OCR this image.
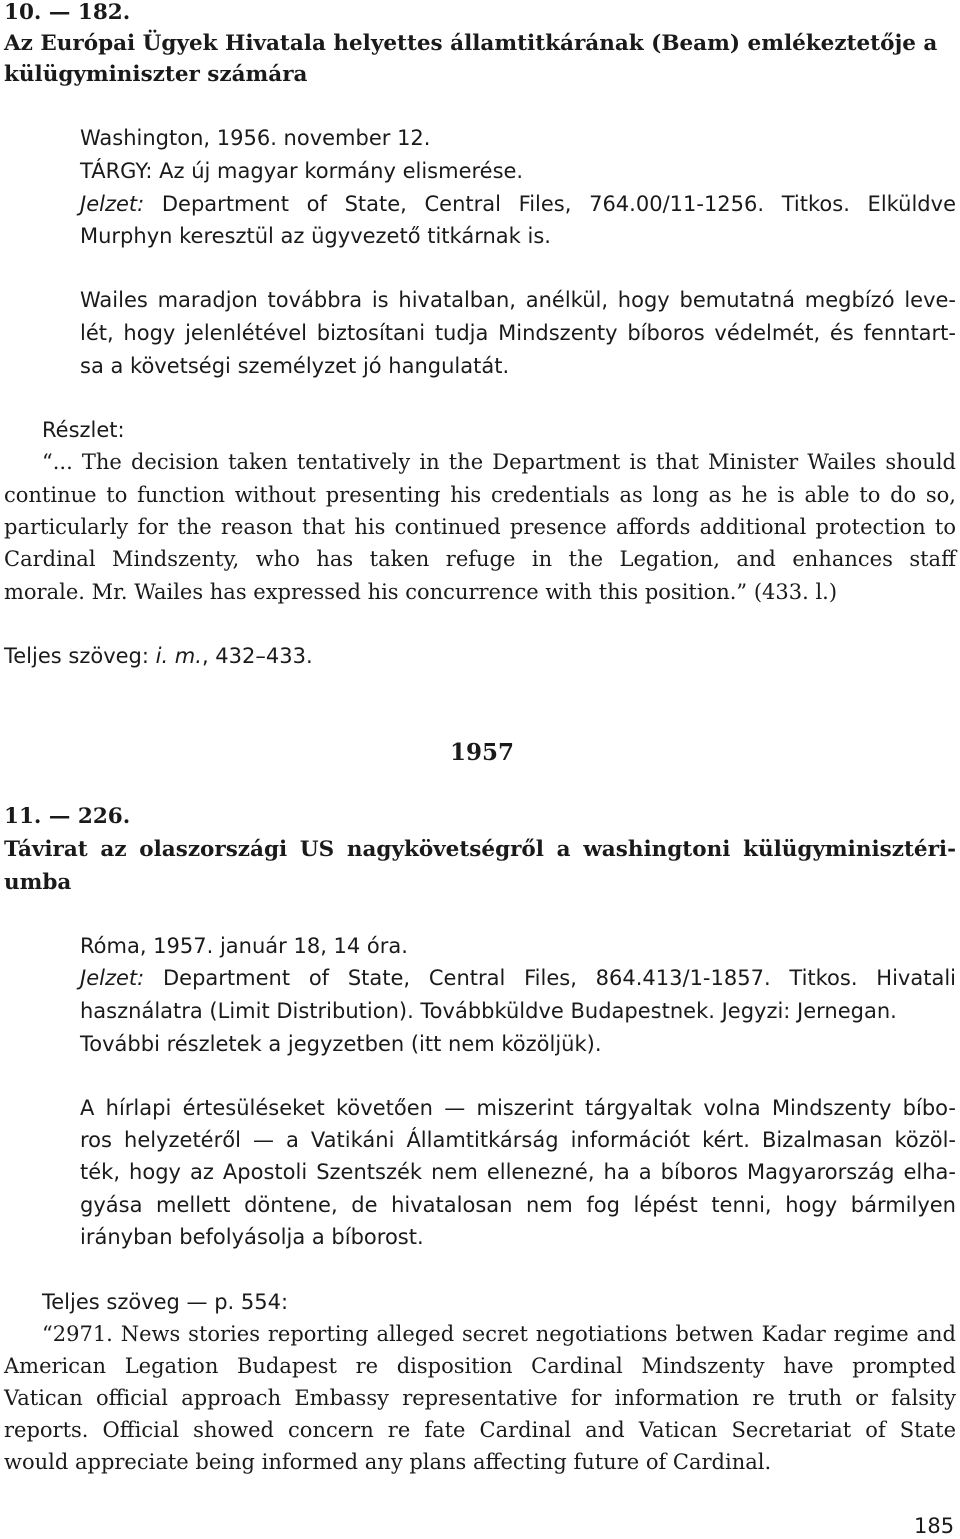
10. — 182.
Az Európai Ügyek Hivatala helyettes államtitkárának (Beam) emlékeztetője a
külügyminiszter számára
Washington, 1956. november 12.
TÁRGY: Az új magyar kormány elismerése.
Jelzet: Department of State, Central Files, 764.00/11-1256. Titkos. Elküldve
Murphyn keresztül az ügyvezető titkárnak is.
Wailes maradjon továbbra is hivatalban, anélkül, hogy bemutatná megbízó leve-
lét, hogy jelenlétével biztosítani tudja Mindszenty bíboros védelmét, és fenntart-
sa a követségi személyzet jó hangulatát.
Részlet:
“... The decision taken tentatively in the Department is that Minister Wailes should
continue to function without presenting his credentials as long as he is able to do so,
particularly for the reason that his continued presence affords additional protection to
Cardinal Mindszenty, who has taken refuge in the Legation, and enhances staff
morale. Mr. Wailes has expressed his concurrence with this position.” (433. l.)
Teljes szöveg: i. m., 432–433.
1957
11. — 226.
Távirat az olaszországi US nagykövetségről a washingtoni külügyminisztéri-
umba
Róma, 1957. január 18, 14 óra.
Jelzet: Department of State, Central Files, 864.413/1-1857. Titkos. Hivatali
használatra (Limit Distribution). Továbbküldve Budapestnek. Jegyzi: Jernegan.
További részletek a jegyzetben (itt nem közöljük).
A hírlapi értesüléseket követően — miszerint tárgyaltak volna Mindszenty bíbo-
ros helyzetéről — a Vatikáni Államtitkárság információt kért. Bizalmasan közöl-
ték, hogy az Apostoli Szentszék nem ellenezné, ha a bíboros Magyarország elha-
gyása mellett döntene, de hivatalosan nem fog lépést tenni, hogy bármilyen
irányban befolyásolja a bíborost.
Teljes szöveg — p. 554:
“2971. News stories reporting alleged secret negotiations betwen Kadar regime and
American Legation Budapest re disposition Cardinal Mindszenty have prompted
Vatican official approach Embassy representative for information re truth or falsity
reports. Official showed concern re fate Cardinal and Vatican Secretariat of State
would appreciate being informed any plans affecting future of Cardinal.
185
